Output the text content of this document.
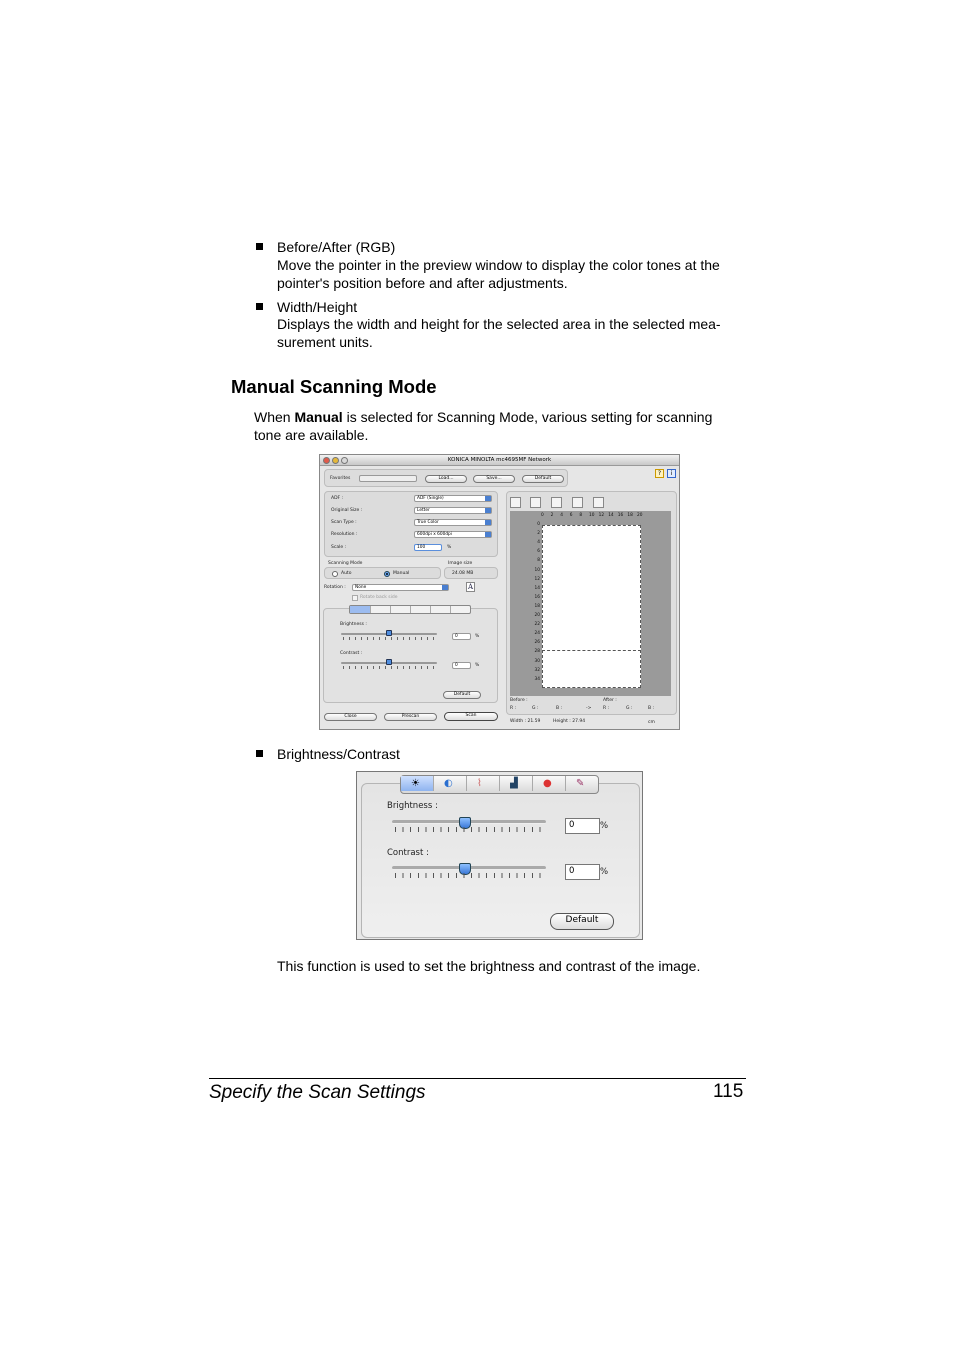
Before/After (RGB)
Move the pointer in the preview window to display the color tones at the
pointer's position before and after adjustments.
Width/Height
Displays the width and height for the selected area in the selected mea-
surement units.
Manual Scanning Mode
When Manual is selected for Scanning Mode, various setting for scanning
tone are available.
KONICA MINOLTA mc4695MF Network
Favorites	Load...	Save...	Default
?	i
ADF :	ADF (Single)
Original Size :	Letter
Scan Type :	True Color
Resolution :	600dpi x 600dpi
Scale :	100	%
Scanning Mode	Image size
Auto	Manual	24.08 MB
Rotation :	None	A
Rotate back side
Brightness :
0	%
Contrast :
0	%
Default
Close	Prescan	Scan
0 2 4 6 8 10 12 14 16 18 20
0
2
4
6
8
10
12
14
16
18
20
22
24
26
28
30
32
34
Before :	After :
R :	G :	B :	->	R :	G :	B :
Width : 21.59	Height : 27.94	cm
Brightness/Contrast
Brightness :
0	%
Contrast :
0	%
Default
☀ ◐ ⌇	▟	● ✎
This function is used to set the brightness and contrast of the image.
Specify the Scan Settings	115
